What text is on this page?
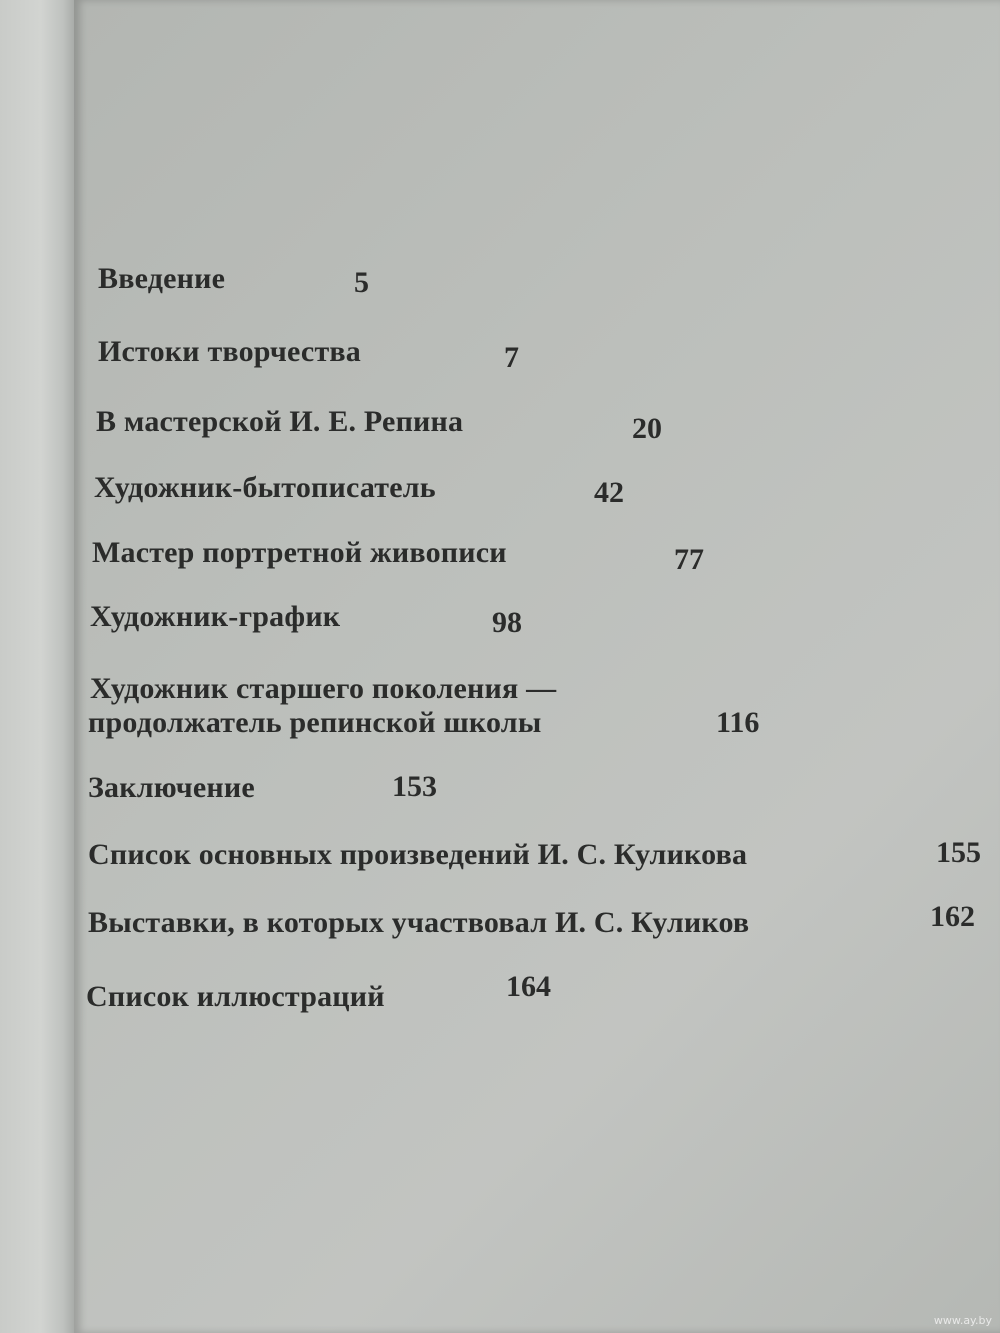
Введение	5
Истоки творчества	7
В мастерской И. Е. Репина	20
Художник-бытописатель	42
Мастер портретной живописи	77
Художник-график	98
Художник старшего поколения —
продолжатель репинской школы	116
Заключение	153
Список основных произведений И. С. Куликова	155
Выставки, в которых участвовал И. С. Куликов	162
Список иллюстраций	164
www.ay.by
